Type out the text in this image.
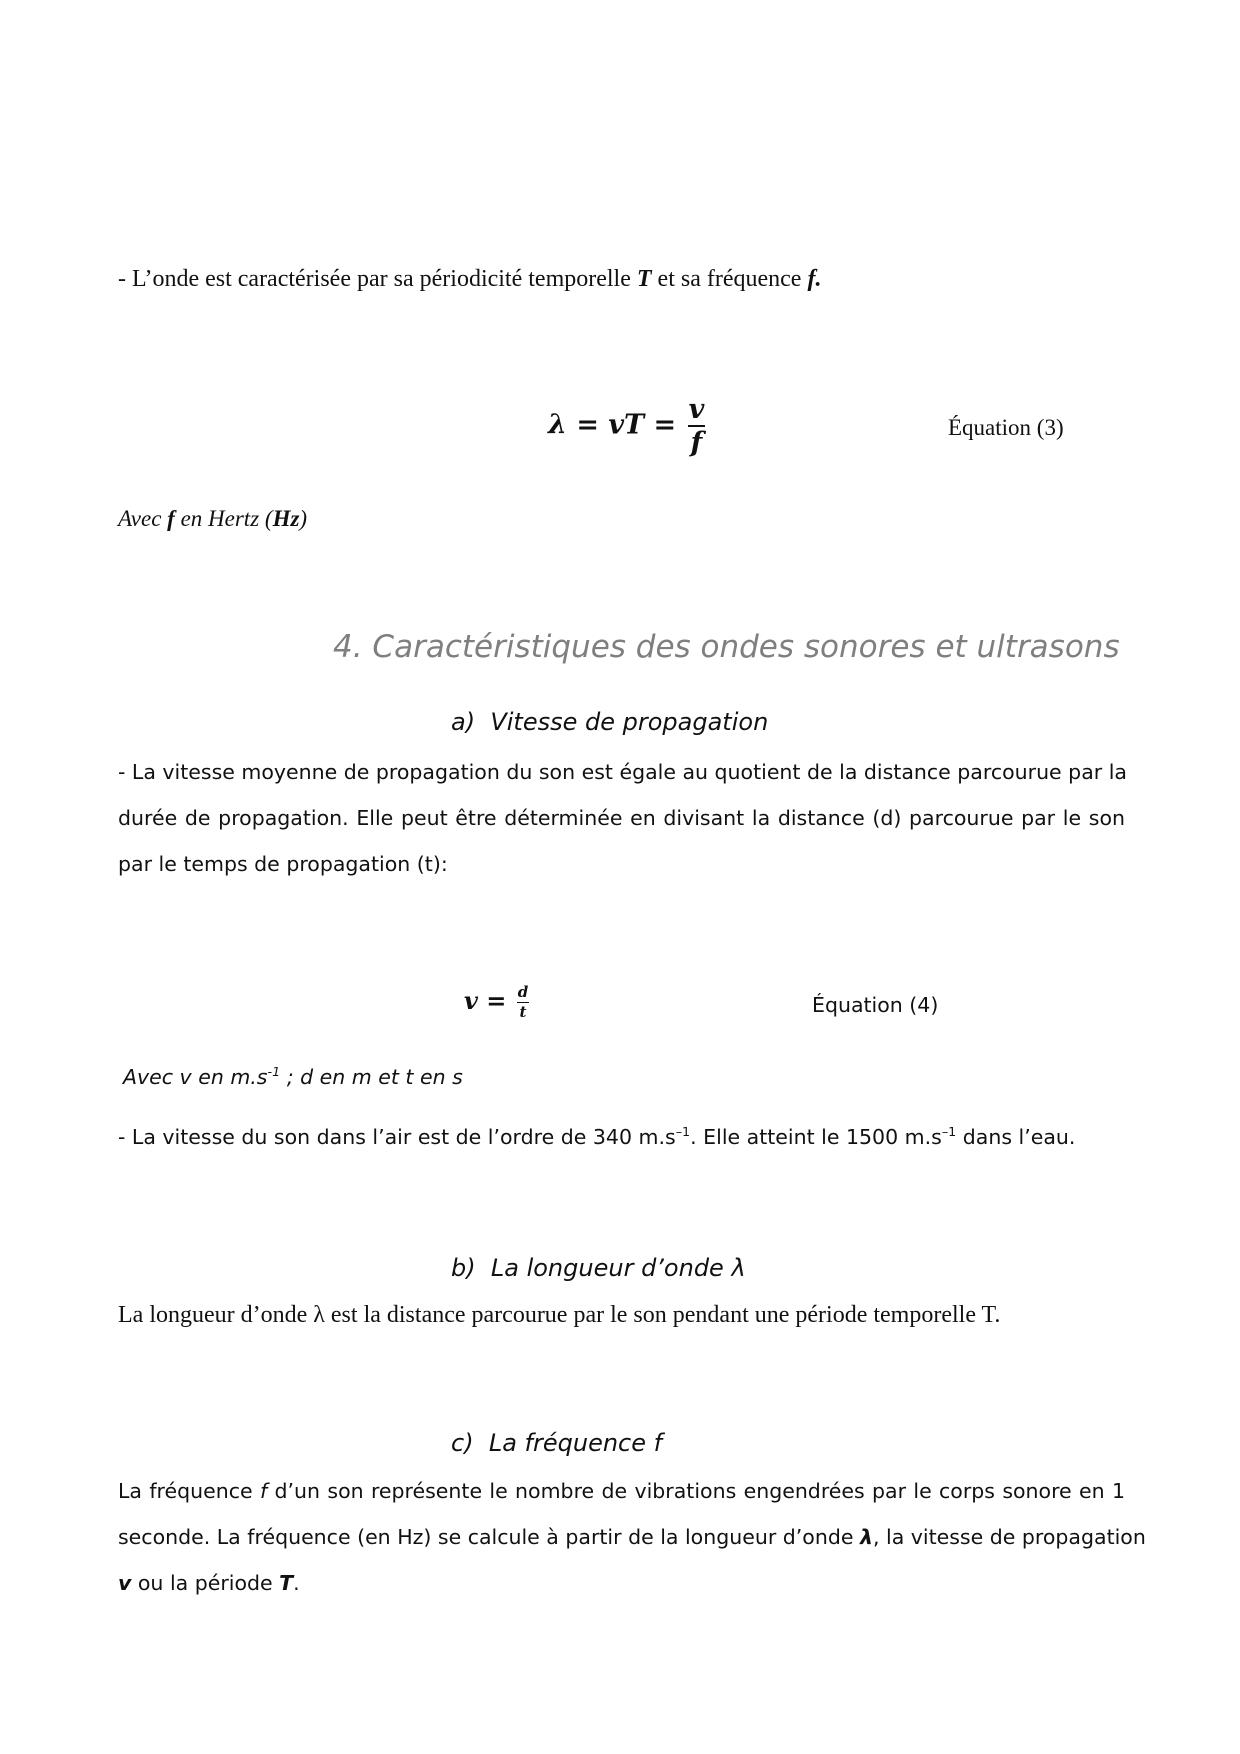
- L’onde est caractérisée par sa périodicité temporelle T et sa fréquence f.
λ = vT = $\frac{v}{f}$	Équation (3)
Avec f en Hertz (Hz)
4. Caractéristiques des ondes sonores et ultrasons
a) Vitesse de propagation
- La vitesse moyenne de propagation du son est égale au quotient de la distance parcourue par la
durée de propagation. Elle peut être déterminée en divisant la distance (d) parcourue par le son
par le temps de propagation (t):
$v = \frac{d}{t}$	Équation (4)
Avec v en $m.s^{-1}$ ; d en m et t en s
- La vitesse du son dans l’air est de l’ordre de 340 $m.s^{-1}$. Elle atteint le 1500 $m.s^{-1}$ dans l’eau.
b) La longueur d’onde λ
La longueur d’onde λ est la distance parcourue par le son pendant une période temporelle T.
c) La fréquence f
La fréquence f d’un son représente le nombre de vibrations engendrées par le corps sonore en 1
seconde. La fréquence (en Hz) se calcule à partir de la longueur d’onde λ, la vitesse de propagation
v ou la période T.
